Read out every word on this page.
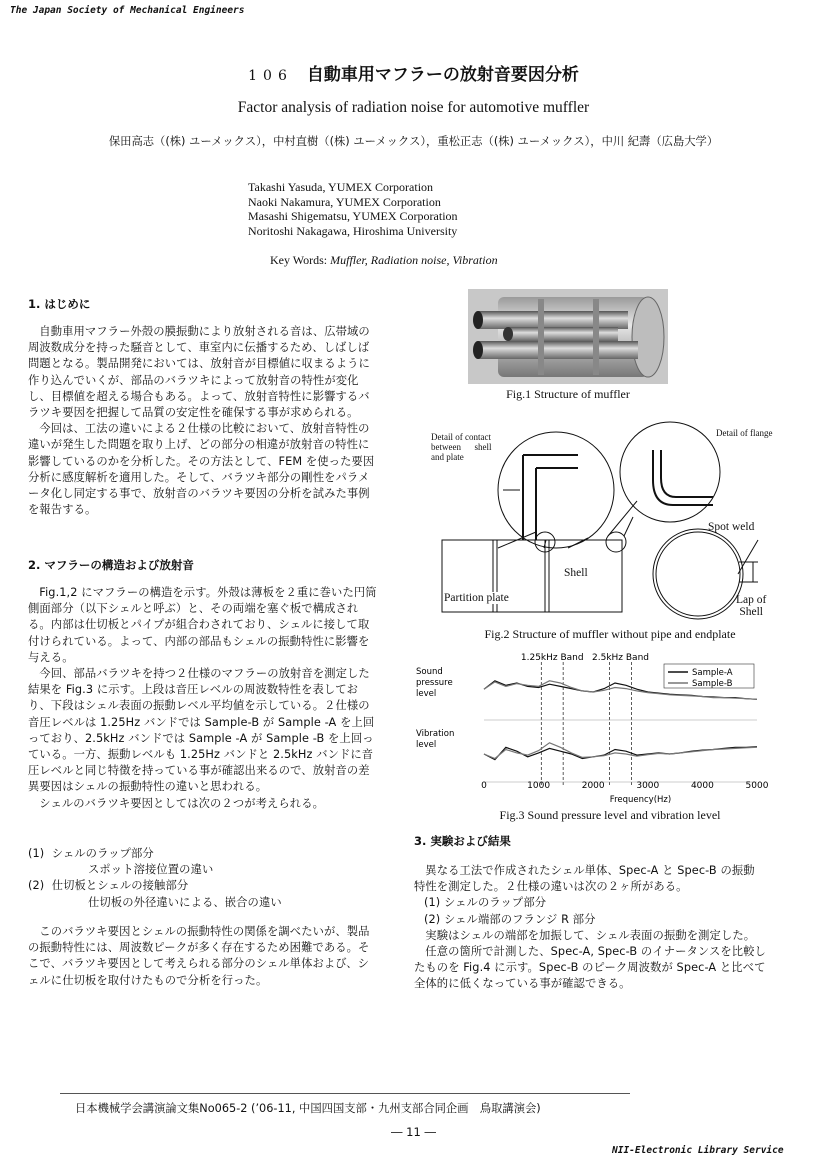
The Japan Society of Mechanical Engineers
106 自動車用マフラーの放射音要因分析
Factor analysis of radiation noise for automotive muffler
保田高志（(株) ユーメックス），中村直樹（(株) ユーメックス），重松正志（(株) ユーメックス），中川 紀壽（広島大学）
Takashi Yasuda, YUMEX Corporation
Naoki Nakamura, YUMEX Corporation
Masashi Shigematsu, YUMEX Corporation
Noritoshi Nakagawa, Hiroshima University
Key Words: Muffler, Radiation noise, Vibration
1. はじめに

自動車用マフラー外殻の膜振動により放射される音は、広帯域の周波数成分を持った騒音として、車室内に伝播するため、しばしば問題となる。製品開発においては、放射音が目標値に収まるように作り込んでいくが、部品のバラツキによって放射音の特性が変化し、目標値を超える場合もある。よって、放射音特性に影響するバラツキ要因を把握して品質の安定性を確保する事が求められる。

今回は、工法の違いによる２仕様の比較において、放射音特性の違いが発生した問題を取り上げ、どの部分の相違が放射音の特性に影響しているのかを分析した。その方法として、FEM を使った要因分析に感度解析を適用した。そして、バラツキ部分の剛性をパラメータ化し同定する事で、放射音のバラツキ要因の分析を試みた事例を報告する。

2. マフラーの構造および放射音

Fig.1,2 にマフラーの構造を示す。外殻は薄板を２重に巻いた円筒側面部分（以下シェルと呼ぶ）と、その両端を塞ぐ板で構成される。内部は仕切板とパイプが組合わされており、シェルに接して取付けられている。よって、内部の部品もシェルの振動特性に影響を与える。

今回、部品バラツキを持つ２仕様のマフラーの放射音を測定した結果を Fig.3 に示す。上段は音圧レベルの周波数特性を表しており、下段はシェル表面の振動レベル平均値を示している。２仕様の音圧レベルは 1.25Hz バンドでは Sample-B が Sample -A を上回っており、2.5kHz バンドでは Sample -A が Sample -B を上回っている。一方、振動レベルも 1.25Hz バンドと 2.5kHz バンドに音圧レベルと同じ特徴を持っている事が確認出来るので、放射音の差異要因はシェルの振動特性の違いと思われる。

シェルのバラツキ要因としては次の２つが考えられる。

(1) シェルのラップ部分
スポット溶接位置の違い
(2) 仕切板とシェルの接触部分
仕切板の外径違いによる、嵌合の違い

このバラツキ要因とシェルの振動特性の関係を調べたいが、製品の振動特性には、周波数ピークが多く存在するため困難である。そこで、バラツキ要因として考えられる部分のシェル単体および、シェルに仕切板を取付けたもので分析を行った。

Fig.1 Structure of muffler
Detail of contact
between shell
and plate
Detail of flange
Spot weld
Shell
Partition plate	Lap of
Shell
Fig.2 Structure of muffler without pipe and endplate
1.25kHz Band 2.5kHz Band
Sound
pressure
level
Vibration
level
Sample-A
Sample-B
0	1000	2000	3000	4000	5000
Frequency(Hz)
Fig.3 Sound pressure level and vibration level
3. 実験および結果

異なる工法で作成されたシェル単体、Spec-A と Spec-B の振動特性を測定した。２仕様の違いは次の２ヶ所がある。

(1) シェルのラップ部分

(2) シェル端部のフランジ R 部分

実験はシェルの端部を加振して、シェル表面の振動を測定した。

任意の箇所で計測した、Spec-A, Spec-B のイナータンスを比較したものを Fig.4 に示す。Spec-B のピーク周波数が Spec-A と比べて全体的に低くなっている事が確認できる。

日本機械学会講演論文集No065-2 (’06-11, 中国四国支部・九州支部合同企画　鳥取講演会)
― 11 ―
NII-Electronic Library Service
